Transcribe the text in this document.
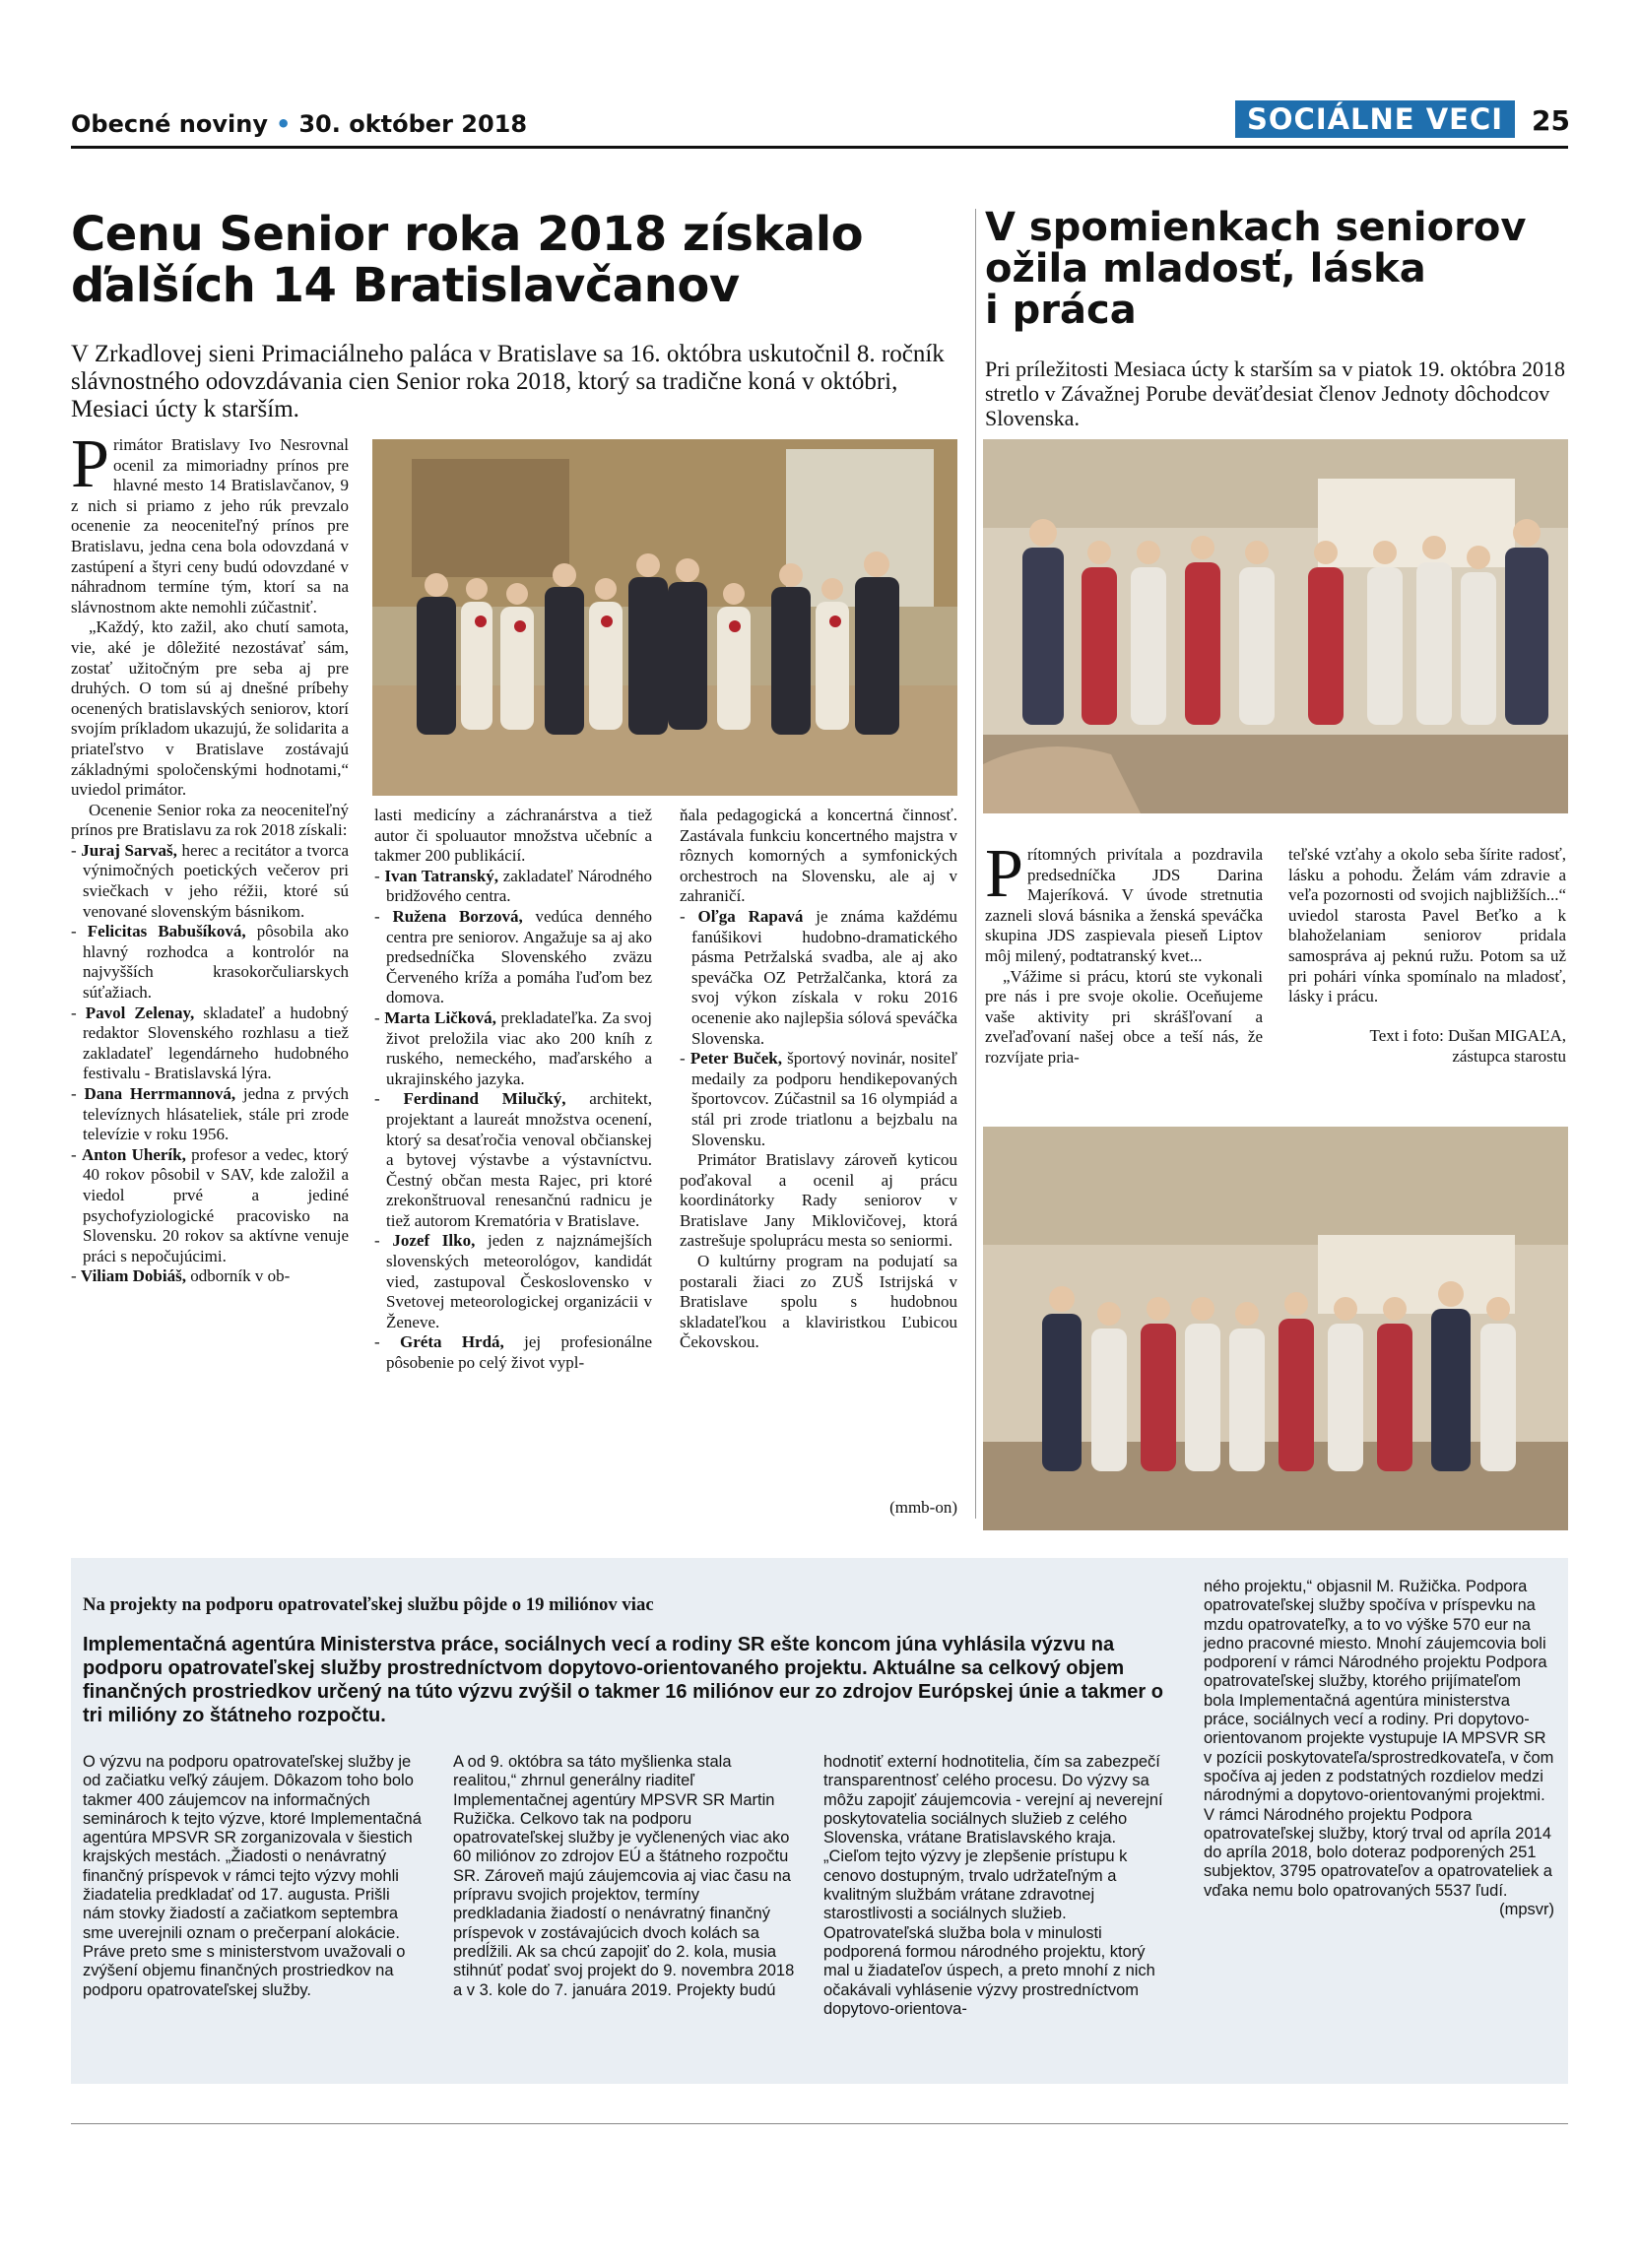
Obecné noviny • 30. október 2018	SOCIÁLNE VECI	25
Cenu Senior roka 2018 získalo
ďalších 14 Bratislavčanov
V Zrkadlovej sieni Primaciálneho paláca v Bratislave sa 16. októbra uskutočnil 8. ročník slávnostného odovzdávania cien Senior roka 2018, ktorý sa tradične koná v októbri, Mesiaci úcty k starším.

Primátor Bratislavy Ivo Nesrovnal ocenil za mimoriadny prínos pre hlavné mesto 14 Bratislavčanov, 9 z nich si priamo z jeho rúk prevzalo ocenenie za neoceniteľný prínos pre Bratislavu, jedna cena bola odovzdaná v zastúpení a štyri ceny budú odovzdané v náhradnom termíne tým, ktorí sa na slávnostnom akte nemohli zúčastniť.

„Každý, kto zažil, ako chutí samota, vie, aké je dôležité nezostávať sám, zostať užitočným pre seba aj pre druhých. O tom sú aj dnešné príbehy ocenených bratislavských seniorov, ktorí svojím príkladom ukazujú, že solidarita a priateľstvo v Bratislave zostávajú základnými spoločenskými hodnotami,“ uviedol primátor.

Ocenenie Senior roka za neoceniteľný prínos pre Bratislavu za rok 2018 získali:

- Juraj Sarvaš, herec a recitátor a tvorca výnimočných poetických večerov pri sviečkach v jeho réžii, ktoré sú venované slovenským básnikom.

- Felicitas Babušíková, pôsobila ako hlavný rozhodca a kontrolór na najvyšších krasokorčuliarskych súťažiach.

- Pavol Zelenay, skladateľ a hudobný redaktor Slovenského rozhlasu a tiež zakladateľ legendárneho hudobného festivalu - Bratislavská lýra.

- Dana Herrmannová, jedna z prvých televíznych hlásateliek, stále pri zrode televízie v roku 1956.

- Anton Uherík, profesor a vedec, ktorý 40 rokov pôsobil v SAV, kde založil a viedol prvé a jediné psychofyziologické pracovisko na Slovensku. 20 rokov sa aktívne venuje práci s nepočujúcimi.

- Viliam Dobiáš, odborník v ob-

lasti medicíny a záchranárstva a tiež autor či spoluautor množstva učebníc a takmer 200 publikácií.

- Ivan Tatranský, zakladateľ Národného bridžového centra.

- Ružena Borzová, vedúca denného centra pre seniorov. Angažuje sa aj ako predsedníčka Slovenského zväzu Červeného kríža a pomáha ľuďom bez domova.

- Marta Ličková, prekladateľka. Za svoj život preložila viac ako 200 kníh z ruského, nemeckého, maďarského a ukrajinského jazyka.

- Ferdinand Milučký, architekt, projektant a laureát množstva ocenení, ktorý sa desaťročia venoval občianskej a bytovej výstavbe a výstavníctvu. Čestný občan mesta Rajec, pri ktoré zrekonštruoval renesančnú radnicu je tiež autorom Krematória v Bratislave.

- Jozef Ilko, jeden z najznámejších slovenských meteorológov, kandidát vied, zastupoval Československo v Svetovej meteorologickej organizácii v Ženeve.

- Gréta Hrdá, jej profesionálne pôsobenie po celý život vypl-

ňala pedagogická a koncertná činnosť. Zastávala funkciu koncertného majstra v rôznych komorných a symfonických orchestroch na Slovensku, ale aj v zahraničí.

- Oľga Rapavá je známa každému fanúšikovi hudobno-dramatického pásma Petržalská svadba, ale aj ako speváčka OZ Petržalčanka, ktorá za svoj výkon získala v roku 2016 ocenenie ako najlepšia sólová speváčka Slovenska.

- Peter Buček, športový novinár, nositeľ medaily za podporu hendikepovaných športovcov. Zúčastnil sa 16 olympiád a stál pri zrode triatlonu a bejzbalu na Slovensku.

Primátor Bratislavy zároveň kyticou poďakoval a ocenil aj prácu koordinátorky Rady seniorov v Bratislave Jany Miklovičovej, ktorá zastrešuje spoluprácu mesta so seniormi.

O kultúrny program na podujatí sa postarali žiaci zo ZUŠ Istrijská v Bratislave spolu s hudobnou skladateľkou a klaviristkou Ľubicou Čekovskou.

(mmb-on)
V spomienkach seniorov
ožila mladosť, láska
i práca
Pri príležitosti Mesiaca úcty k starším sa v piatok 19. októbra 2018 stretlo v Závažnej Porube deväťdesiat členov Jednoty dôchodcov Slovenska.

Prítomných privítala a pozdravila predsedníčka JDS Darina Majeríková. V úvode stretnutia zazneli slová básnika a ženská speváčka skupina JDS zaspievala pieseň Liptov môj milený, podtatranský kvet...

„Vážime si prácu, ktorú ste vykonali pre nás i pre svoje okolie. Oceňujeme vaše aktivity pri skrášľovaní a zveľaďovaní našej obce a teší nás, že rozvíjate pria-

teľské vzťahy a okolo seba šírite radosť, lásku a pohodu. Želám vám zdravie a veľa pozornosti od svojich najbližších...“ uviedol starosta Pavel Beťko a k blahoželaniam seniorov pridala samospráva aj peknú ružu. Potom sa už pri pohári vínka spomínalo na mladosť, lásky i prácu.

Text i foto: Dušan MIGAĽA,
zástupca starostu
Na projekty na podporu opatrovateľskej službu pôjde o 19 miliónov viac
Implementačná agentúra Ministerstva práce, sociálnych vecí a rodiny SR ešte koncom júna vyhlásila výzvu na podporu opatrovateľskej služby prostredníctvom dopytovo-orientovaného projektu. Aktuálne sa celkový objem finančných prostriedkov určený na túto výzvu zvýšil o takmer 16 miliónov eur zo zdrojov Európskej únie a takmer o tri milióny zo štátneho rozpočtu.

O výzvu na podporu opatrovateľskej služby je od začiatku veľký záujem. Dôkazom toho bolo takmer 400 záujemcov na informačných seminároch k tejto výzve, ktoré Implementačná agentúra MPSVR SR zorganizovala v šiestich krajských mestách. „Žiadosti o nenávratný finančný príspevok v rámci tejto výzvy mohli žiadatelia predkladať od 17. augusta. Prišli nám stovky žiadostí a začiatkom septembra sme uverejnili oznam o prečerpaní alokácie. Práve preto sme s ministerstvom uvažovali o zvýšení objemu finančných prostriedkov na podporu opatrovateľskej služby.

A od 9. októbra sa táto myšlienka stala realitou,“ zhrnul generálny riaditeľ Implementačnej agentúry MPSVR SR Martin Ružička. Celkovo tak na podporu opatrovateľskej služby je vyčlenených viac ako 60 miliónov zo zdrojov EÚ a štátneho rozpočtu SR. Zároveň majú záujemcovia aj viac času na prípravu svojich projektov, termíny predkladania žiadostí o nenávratný finančný príspevok v zostávajúcich dvoch kolách sa predĺžili. Ak sa chcú zapojiť do 2. kola, musia stihnúť podať svoj projekt do 9. novembra 2018 a v 3. kole do 7. januára 2019. Projekty budú

hodnotiť externí hodnotitelia, čím sa zabezpečí transparentnosť celého procesu. Do výzvy sa môžu zapojiť záujemcovia - verejní aj neverejní poskytovatelia sociálnych služieb z celého Slovenska, vrátane Bratislavského kraja. „Cieľom tejto výzvy je zlepšenie prístupu k cenovo dostupným, trvalo udržateľným a kvalitným službám vrátane zdravotnej starostlivosti a sociálnych služieb. Opatrovateľská služba bola v minulosti podporená formou národného projektu, ktorý mal u žiadateľov úspech, a preto mnohí z nich očakávali vyhlásenie výzvy prostredníctvom dopytovo-orientova-

ného projektu,“ objasnil M. Ružička. Podpora opatrovateľskej služby spočíva v príspevku na mzdu opatrovateľky, a to vo výške 570 eur na jedno pracovné miesto. Mnohí záujemcovia boli podporení v rámci Národného projektu Podpora opatrovateľskej služby, ktorého prijímateľom bola Implementačná agentúra ministerstva práce, sociálnych vecí a rodiny. Pri dopytovo-orientovanom projekte vystupuje IA MPSVR SR v pozícii poskytovateľa/sprostredkovateľa, v čom spočíva aj jeden z podstatných rozdielov medzi národnými a dopytovo-orientovanými projektmi. V rámci Národného projektu Podpora opatrovateľskej služby, ktorý trval od apríla 2014 do apríla 2018, bolo doteraz podporených 251 subjektov, 3795 opatrovateľov a opatrovateliek a vďaka nemu bolo opatrovaných 5537 ľudí.

(mpsvr)
